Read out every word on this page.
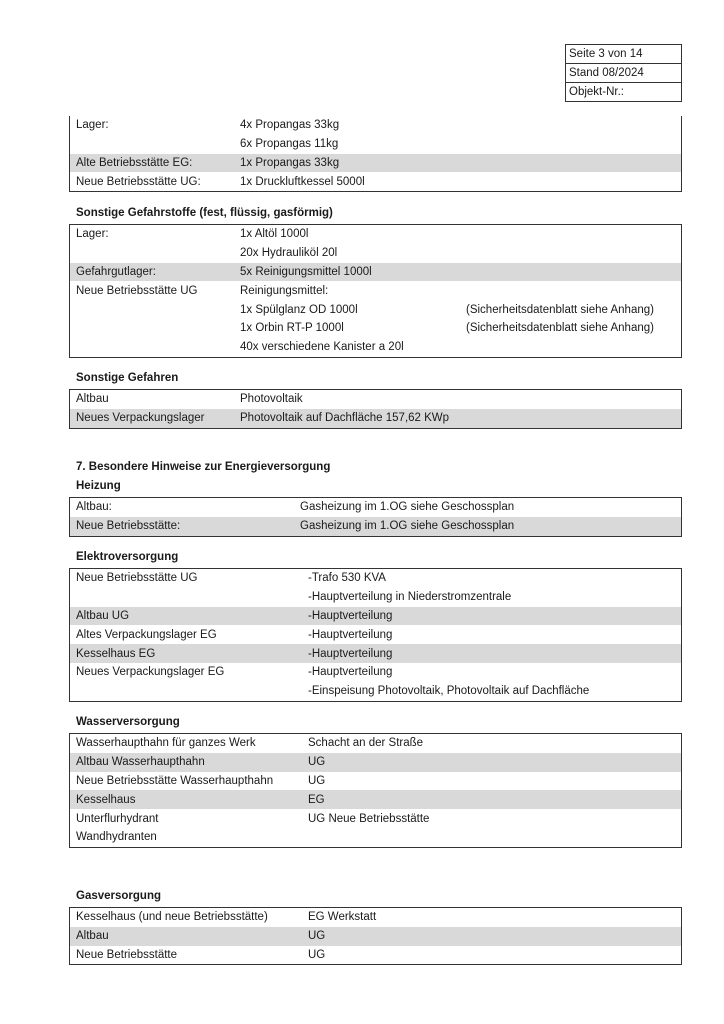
Seite 3 von 14
Stand 08/2024
Objekt-Nr.:
Lager:	4x Propangas 33kg
	6x Propangas 11kg
Alte Betriebsstätte EG:	1x Propangas 33kg
Neue Betriebsstätte UG:	1x Druckluftkessel 5000l
Sonstige Gefahrstoffe (fest, flüssig, gasförmig)
Lager:	1x Altöl 1000l	
	20x Hydrauliköl 20l	
Gefahrgutlager:	5x Reinigungsmittel 1000l	
Neue Betriebsstätte UG	Reinigungsmittel:	
	1x Spülglanz OD 1000l	(Sicherheitsdatenblatt siehe Anhang)
	1x Orbin RT-P 1000l	(Sicherheitsdatenblatt siehe Anhang)
	40x verschiedene Kanister a 20l	
Sonstige Gefahren
Altbau	Photovoltaik
Neues Verpackungslager	Photovoltaik auf Dachfläche 157,62 KWp
7. Besondere Hinweise zur Energieversorgung
Heizung
Altbau:	Gasheizung im 1.OG siehe Geschossplan
Neue Betriebsstätte:	Gasheizung im 1.OG siehe Geschossplan
Elektroversorgung
Neue Betriebsstätte UG	-Trafo 530 KVA
	-Hauptverteilung in Niederstromzentrale
Altbau UG	-Hauptverteilung
Altes Verpackungslager EG	-Hauptverteilung
Kesselhaus EG	-Hauptverteilung
Neues Verpackungslager EG	-Hauptverteilung
	-Einspeisung Photovoltaik, Photovoltaik auf Dachfläche
Wasserversorgung
Wasserhaupthahn für ganzes Werk	Schacht an der Straße
Altbau Wasserhaupthahn	UG
Neue Betriebsstätte Wasserhaupthahn	UG
Kesselhaus	EG
Unterflurhydrant	UG Neue Betriebsstätte
Wandhydranten	
Gasversorgung
Kesselhaus (und neue Betriebsstätte)	EG Werkstatt
Altbau	UG
Neue Betriebsstätte	UG
